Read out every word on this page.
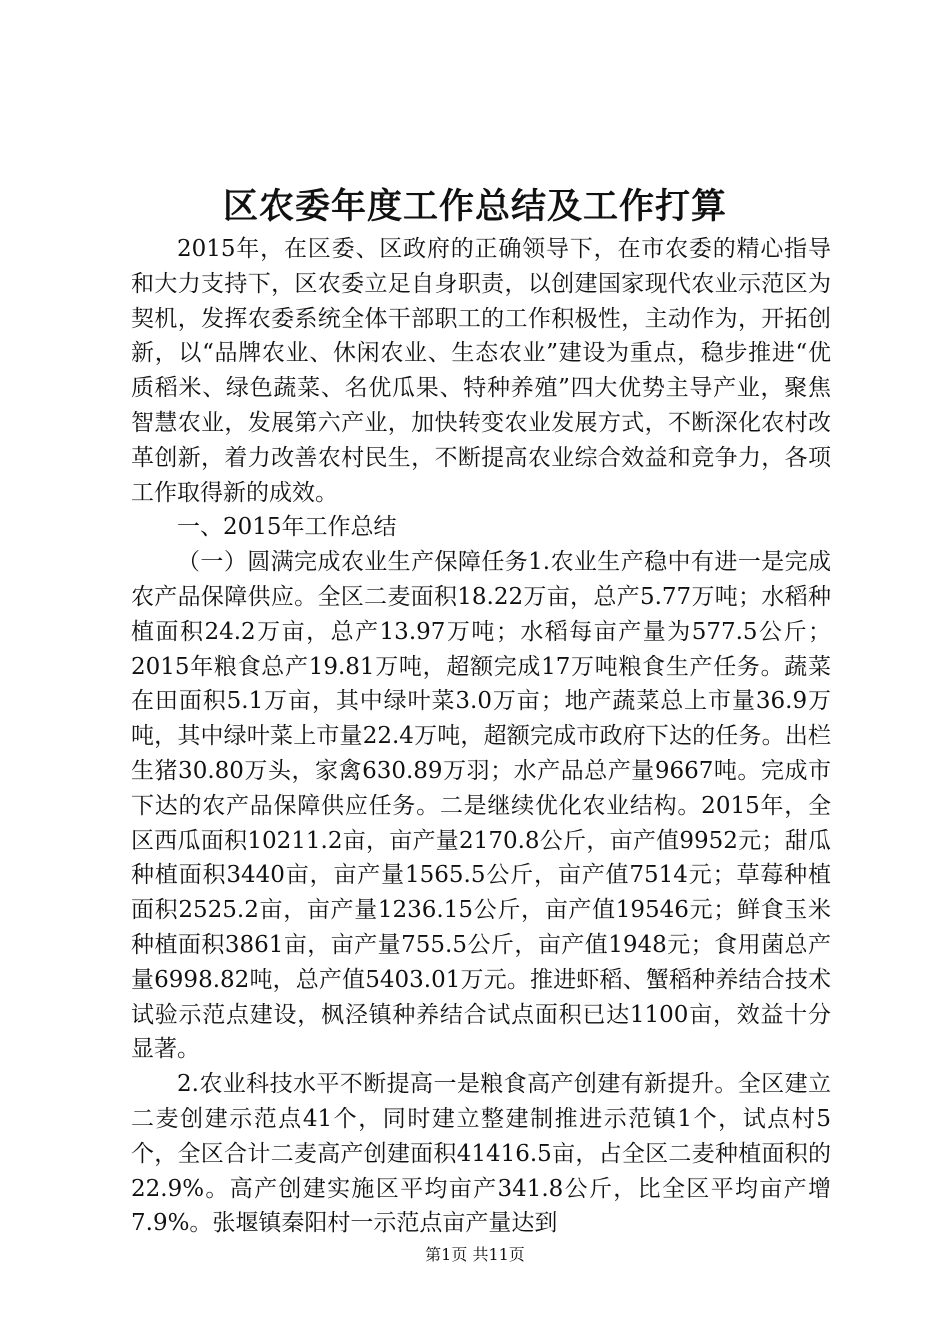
区农委年度工作总结及工作打算

2015年，在区委、区政府的正确领导下，在市农委的精心指导和大力支持下，区农委立足自身职责，以创建国家现代农业示范区为契机，发挥农委系统全体干部职工的工作积极性，主动作为，开拓创新，以“品牌农业、休闲农业、生态农业”建设为重点，稳步推进“优质稻米、绿色蔬菜、名优瓜果、特种养殖”四大优势主导产业，聚焦智慧农业，发展第六产业，加快转变农业发展方式，不断深化农村改革创新，着力改善农村民生，不断提高农业综合效益和竞争力，各项工作取得新的成效。

一、2015年工作总结

（一）圆满完成农业生产保障任务1.农业生产稳中有进一是完成农产品保障供应。全区二麦面积18.22万亩，总产5.77万吨；水稻种植面积24.2万亩，总产13.97万吨；水稻每亩产量为577.5公斤；2015年粮食总产19.81万吨，超额完成17万吨粮食生产任务。蔬菜在田面积5.1万亩，其中绿叶菜3.0万亩；地产蔬菜总上市量36.9万吨，其中绿叶菜上市量22.4万吨，超额完成市政府下达的任务。出栏生猪30.80万头，家禽630.89万羽；水产品总产量9667吨。完成市下达的农产品保障供应任务。二是继续优化农业结构。2015年，全区西瓜面积10211.2亩，亩产量2170.8公斤，亩产值9952元；甜瓜种植面积3440亩，亩产量1565.5公斤，亩产值7514元；草莓种植面积2525.2亩，亩产量1236.15公斤，亩产值19546元；鲜食玉米种植面积3861亩，亩产量755.5公斤，亩产值1948元；食用菌总产量6998.82吨，总产值5403.01万元。推进虾稻、蟹稻种养结合技术试验示范点建设，枫泾镇种养结合试点面积已达1100亩，效益十分显著。

2.农业科技水平不断提高一是粮食高产创建有新提升。全区建立二麦创建示范点41个，同时建立整建制推进示范镇1个，试点村5个，全区合计二麦高产创建面积41416.5亩，占全区二麦种植面积的22.9%。高产创建实施区平均亩产341.8公斤，比全区平均亩产增7.9%。张堰镇秦阳村一示范点亩产量达到

第1页 共11页
